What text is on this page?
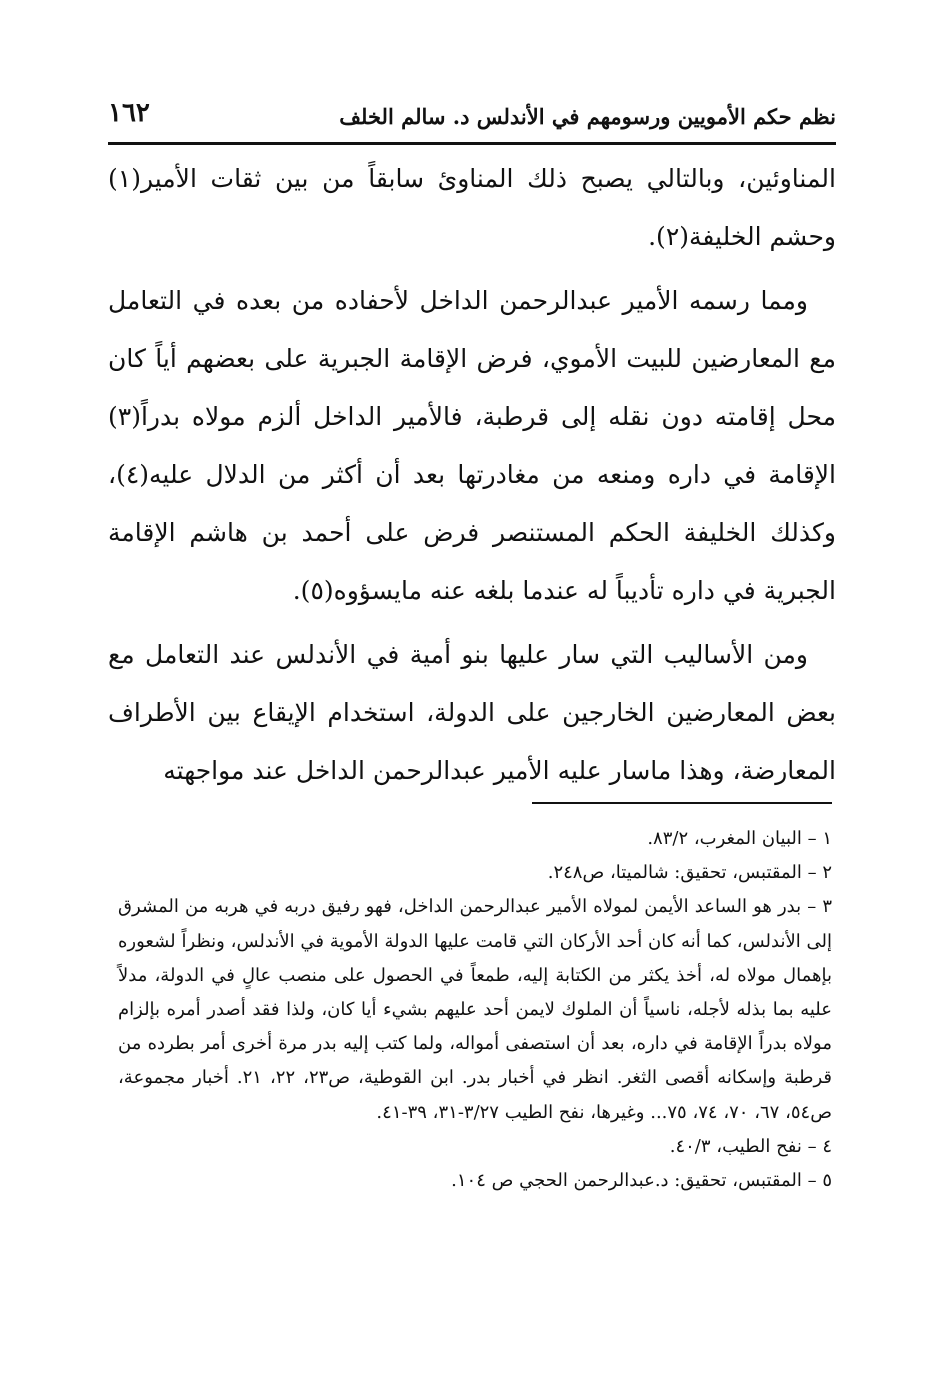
١٦٢	نظم حكم الأمويين ورسومهم في الأندلس د. سالم الخلف

المناوئين، وبالتالي يصبح ذلك المناوئ سابقاً من بين ثقات الأمير(١) وحشم الخليفة(٢).

ومما رسمه الأمير عبدالرحمن الداخل لأحفاده من بعده في التعامل مع المعارضين للبيت الأموي، فرض الإقامة الجبرية على بعضهم أياً كان محل إقامته دون نقله إلى قرطبة، فالأمير الداخل ألزم مولاه بدراً(٣) الإقامة في داره ومنعه من مغادرتها بعد أن أكثر من الدلال عليه(٤)، وكذلك الخليفة الحكم المستنصر فرض على أحمد بن هاشم الإقامة الجبرية في داره تأديباً له عندما بلغه عنه مايسؤوه(٥).

ومن الأساليب التي سار عليها بنو أمية في الأندلس عند التعامل مع بعض المعارضين الخارجين على الدولة، استخدام الإيقاع بين الأطراف المعارضة، وهذا ماسار عليه الأمير عبدالرحمن الداخل عند مواجهته

١ – البيان المغرب، ٨٣/٢.

٢ – المقتبس، تحقيق: شالميتا، ص٢٤٨.

٣ – بدر هو الساعد الأيمن لمولاه الأمير عبدالرحمن الداخل، فهو رفيق دربه في هربه من المشرق إلى الأندلس، كما أنه كان أحد الأركان التي قامت عليها الدولة الأموية في الأندلس، ونظراً لشعوره بإهمال مولاه له، أخذ يكثر من الكتابة إليه، طمعاً في الحصول على منصب عالٍ في الدولة، مدلاً عليه بما بذله لأجله، ناسياً أن الملوك لايمن أحد عليهم بشيء أيا كان، ولذا فقد أصدر أمره بإلزام مولاه بدراً الإقامة في داره، بعد أن استصفى أمواله، ولما كتب إليه بدر مرة أخرى أمر بطرده من قرطبة وإسكانه أقصى الثغر. انظر في أخبار بدر. ابن القوطية، ص٢٣، ٢٢، ٢١. أخبار مجموعة، ص٥٤، ٦٧، ٧٠، ٧٤، ٧٥... وغيرها، نفح الطيب ٣/٢٧-٣١، ٣٩-٤١.

٤ – نفح الطيب، ٤٠/٣.

٥ – المقتبس، تحقيق: د.عبدالرحمن الحجي ص ١٠٤.
